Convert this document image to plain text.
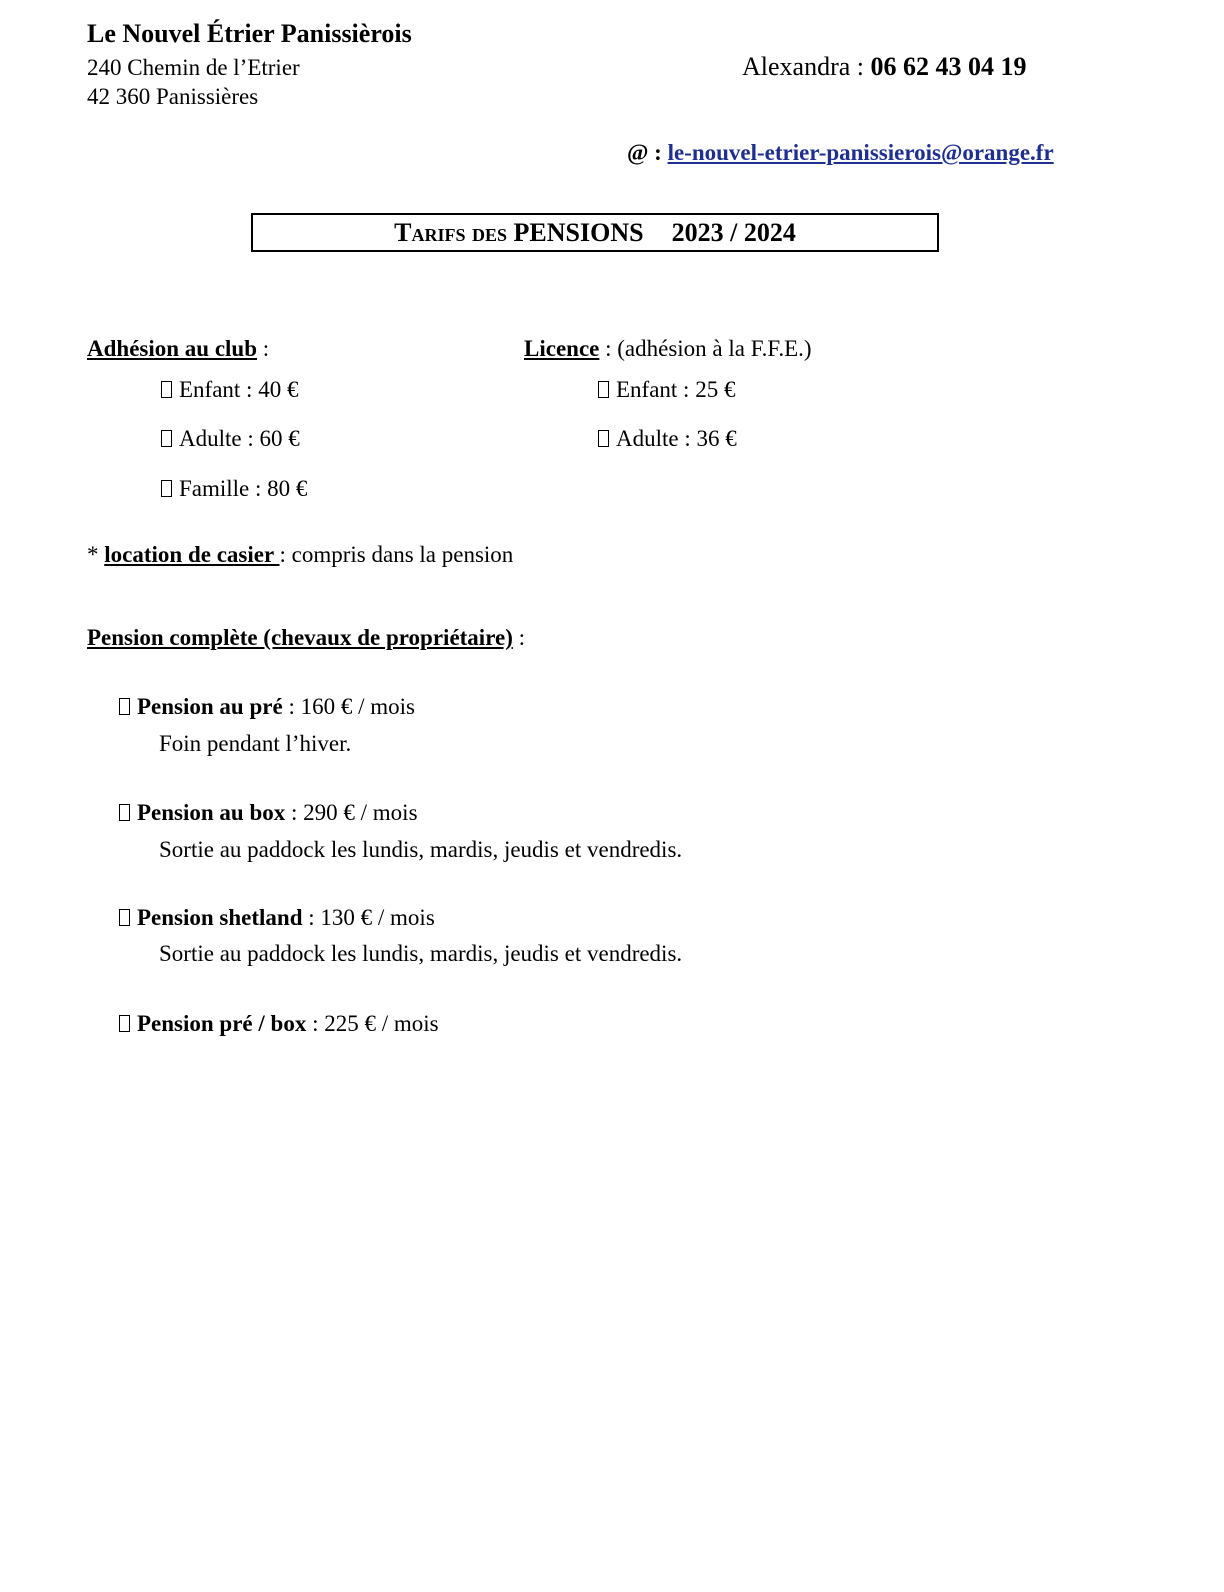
Le Nouvel Étrier Panissièrois
240 Chemin de l’Etrier
42 360 Panissières
Alexandra : 06 62 43 04 19
@ : le-nouvel-etrier-panissierois@orange.fr
Tarifs des PENSIONS 2023 / 2024
Adhésion au club :
Enfant : 40 €
Adulte : 60 €
Famille : 80 €
Licence : (adhésion à la F.F.E.)
Enfant : 25 €
Adulte : 36 €
* location de casier : compris dans la pension
Pension complète (chevaux de propriétaire) :
Pension au pré : 160 € / mois
Foin pendant l’hiver.
Pension au box : 290 € / mois
Sortie au paddock les lundis, mardis, jeudis et vendredis.
Pension shetland : 130 € / mois
Sortie au paddock les lundis, mardis, jeudis et vendredis.
Pension pré / box : 225 € / mois
